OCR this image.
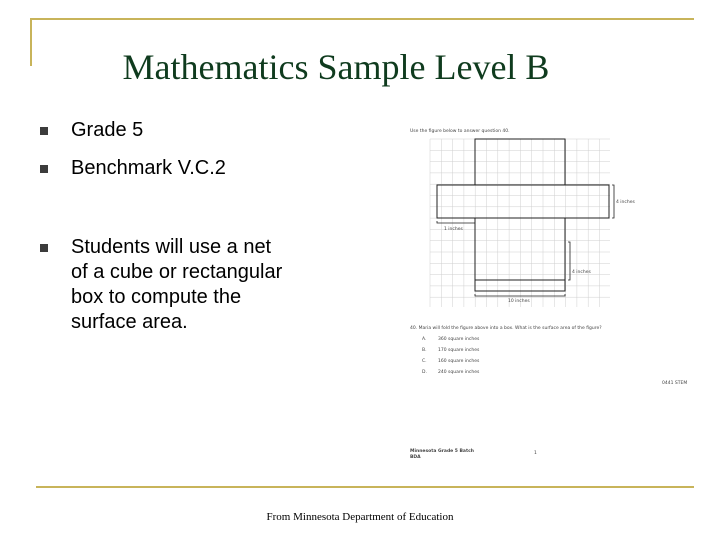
Mathematics Sample Level B
Grade 5
Benchmark V.C.2
Students will use a net
of a cube or rectangular
box to compute the
surface area.
Use the figure below to answer question 40.
4 inches
1 inches
4 inches
10 inches
40. Maria will fold the figure above into a box. What is the surface area of the figure?
A.	360 square inches
B.	170 square inches
C.	160 square inches
D. 240 square inches
0441 STEM
Minnesota Grade 5 Batch
BDA
1
From Minnesota Department of Education
